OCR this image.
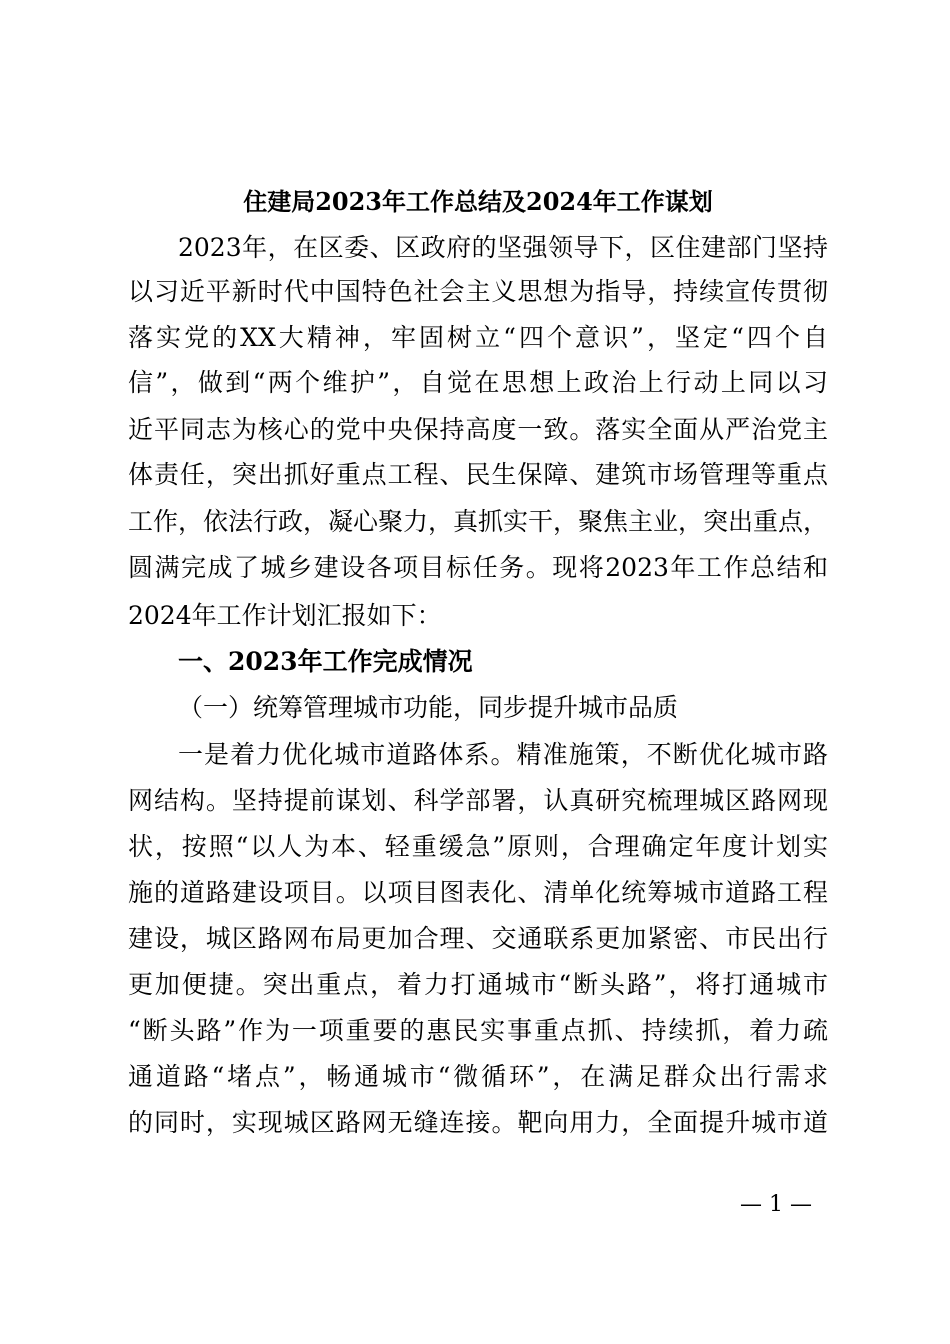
住建局2023年工作总结及2024年工作谋划
2023年，在区委、区政府的坚强领导下，区住建部门坚持
以习近平新时代中国特色社会主义思想为指导，持续宣传贯彻
落实党的XX大精神，牢固树立“四个意识”，坚定“四个自
信”，做到“两个维护”，自觉在思想上政治上行动上同以习
近平同志为核心的党中央保持高度一致。落实全面从严治党主
体责任，突出抓好重点工程、民生保障、建筑市场管理等重点
工作，依法行政，凝心聚力，真抓实干，聚焦主业，突出重点，
圆满完成了城乡建设各项目标任务。现将2023年工作总结和
2024年工作计划汇报如下：
一、2023年工作完成情况
（一）统筹管理城市功能，同步提升城市品质
一是着力优化城市道路体系。精准施策，不断优化城市路
网结构。坚持提前谋划、科学部署，认真研究梳理城区路网现
状，按照“以人为本、轻重缓急”原则，合理确定年度计划实
施的道路建设项目。以项目图表化、清单化统筹城市道路工程
建设，城区路网布局更加合理、交通联系更加紧密、市民出行
更加便捷。突出重点，着力打通城市“断头路”，将打通城市
“断头路”作为一项重要的惠民实事重点抓、持续抓，着力疏
通道路“堵点”，畅通城市“微循环”，在满足群众出行需求
的同时，实现城区路网无缝连接。靶向用力，全面提升城市道
— 1 —
